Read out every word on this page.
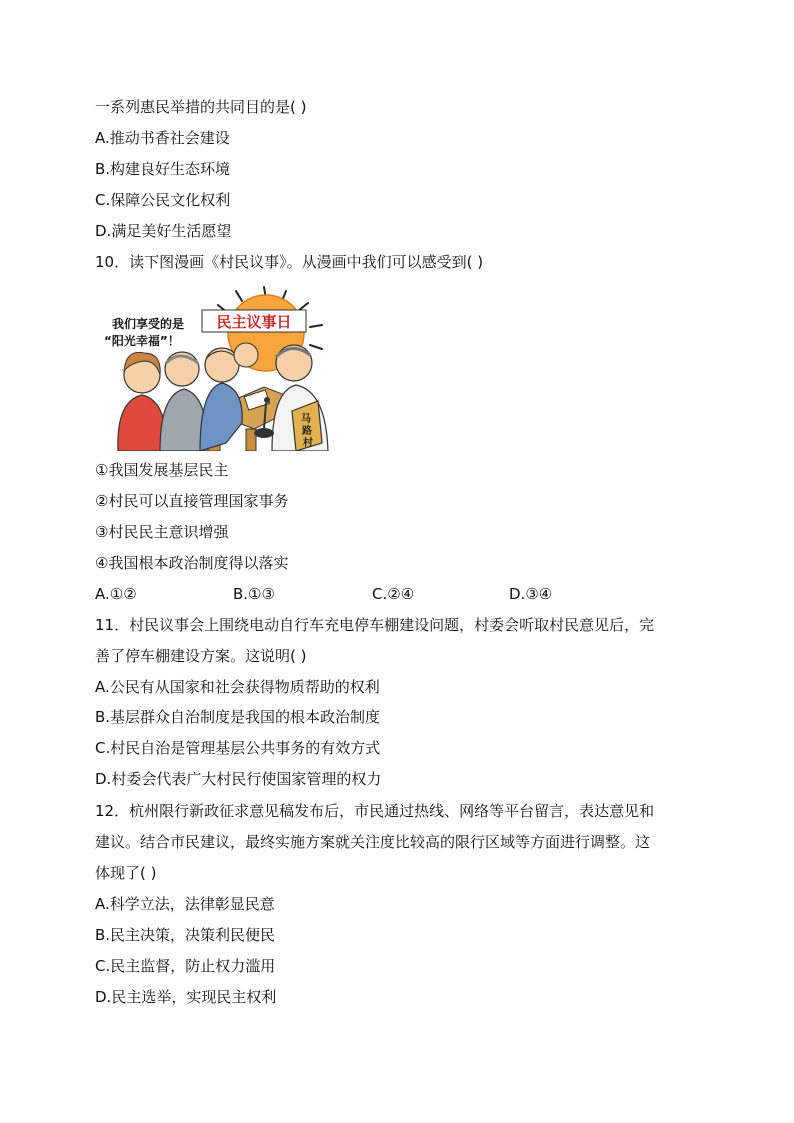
一系列惠民举措的共同目的是( )
A.推动书香社会建设
B.构建良好生态环境
C.保障公民文化权利
D.满足美好生活愿望
10．读下图漫画《村民议事》。从漫画中我们可以感受到( )
民主议事日
我们享受的是
“阳光幸福”！
马
路
村
①我国发展基层民主
②村民可以直接管理国家事务
③村民民主意识增强
④我国根本政治制度得以落实
A.①②	B.①③	C.②④	D.③④
11．村民议事会上围绕电动自行车充电停车棚建设问题，村委会听取村民意见后，完
善了停车棚建设方案。这说明( )
A.公民有从国家和社会获得物质帮助的权利
B.基层群众自治制度是我国的根本政治制度
C.村民自治是管理基层公共事务的有效方式
D.村委会代表广大村民行使国家管理的权力
12．杭州限行新政征求意见稿发布后，市民通过热线、网络等平台留言，表达意见和
建议。结合市民建议，最终实施方案就关注度比较高的限行区域等方面进行调整。这
体现了( )
A.科学立法，法律彰显民意
B.民主决策，决策利民便民
C.民主监督，防止权力滥用
D.民主选举，实现民主权利
